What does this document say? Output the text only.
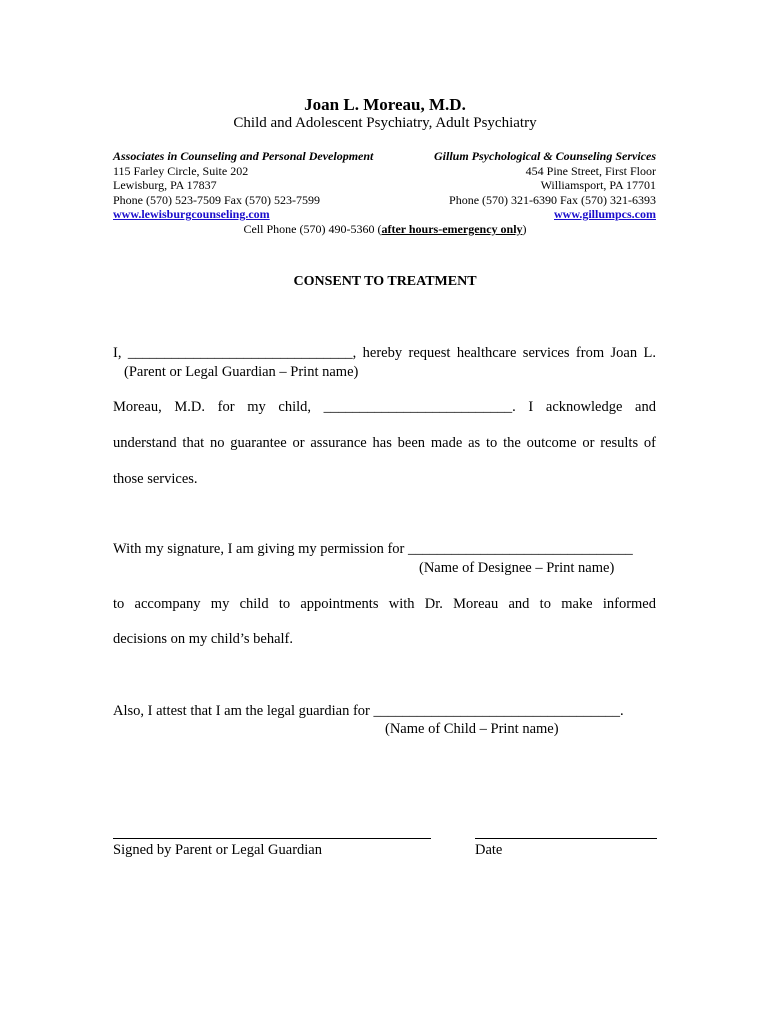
Joan L. Moreau, M.D.
Child and Adolescent Psychiatry, Adult Psychiatry
Associates in Counseling and Personal Development
115 Farley Circle, Suite 202
Lewisburg, PA 17837
Phone (570) 523-7509 Fax (570) 523-7599
www.lewisburgcounseling.com
Gillum Psychological & Counseling Services
454 Pine Street, First Floor
Williamsport, PA 17701
Phone (570) 321-6390 Fax (570) 321-6393
www.gillumpcs.com
Cell Phone (570) 490-5360 (after hours-emergency only)
CONSENT TO TREATMENT
I, _______________________________, hereby request healthcare services from Joan L.
(Parent or Legal Guardian – Print name)
Moreau, M.D. for my child, __________________________. I acknowledge and
understand that no guarantee or assurance has been made as to the outcome or results of
those services.
With my signature, I am giving my permission for _______________________________
(Name of Designee – Print name)
to accompany my child to appointments with Dr. Moreau and to make informed
decisions on my child’s behalf.
Also, I attest that I am the legal guardian for __________________________________.
(Name of Child – Print name)
Signed by Parent or Legal Guardian	Date
